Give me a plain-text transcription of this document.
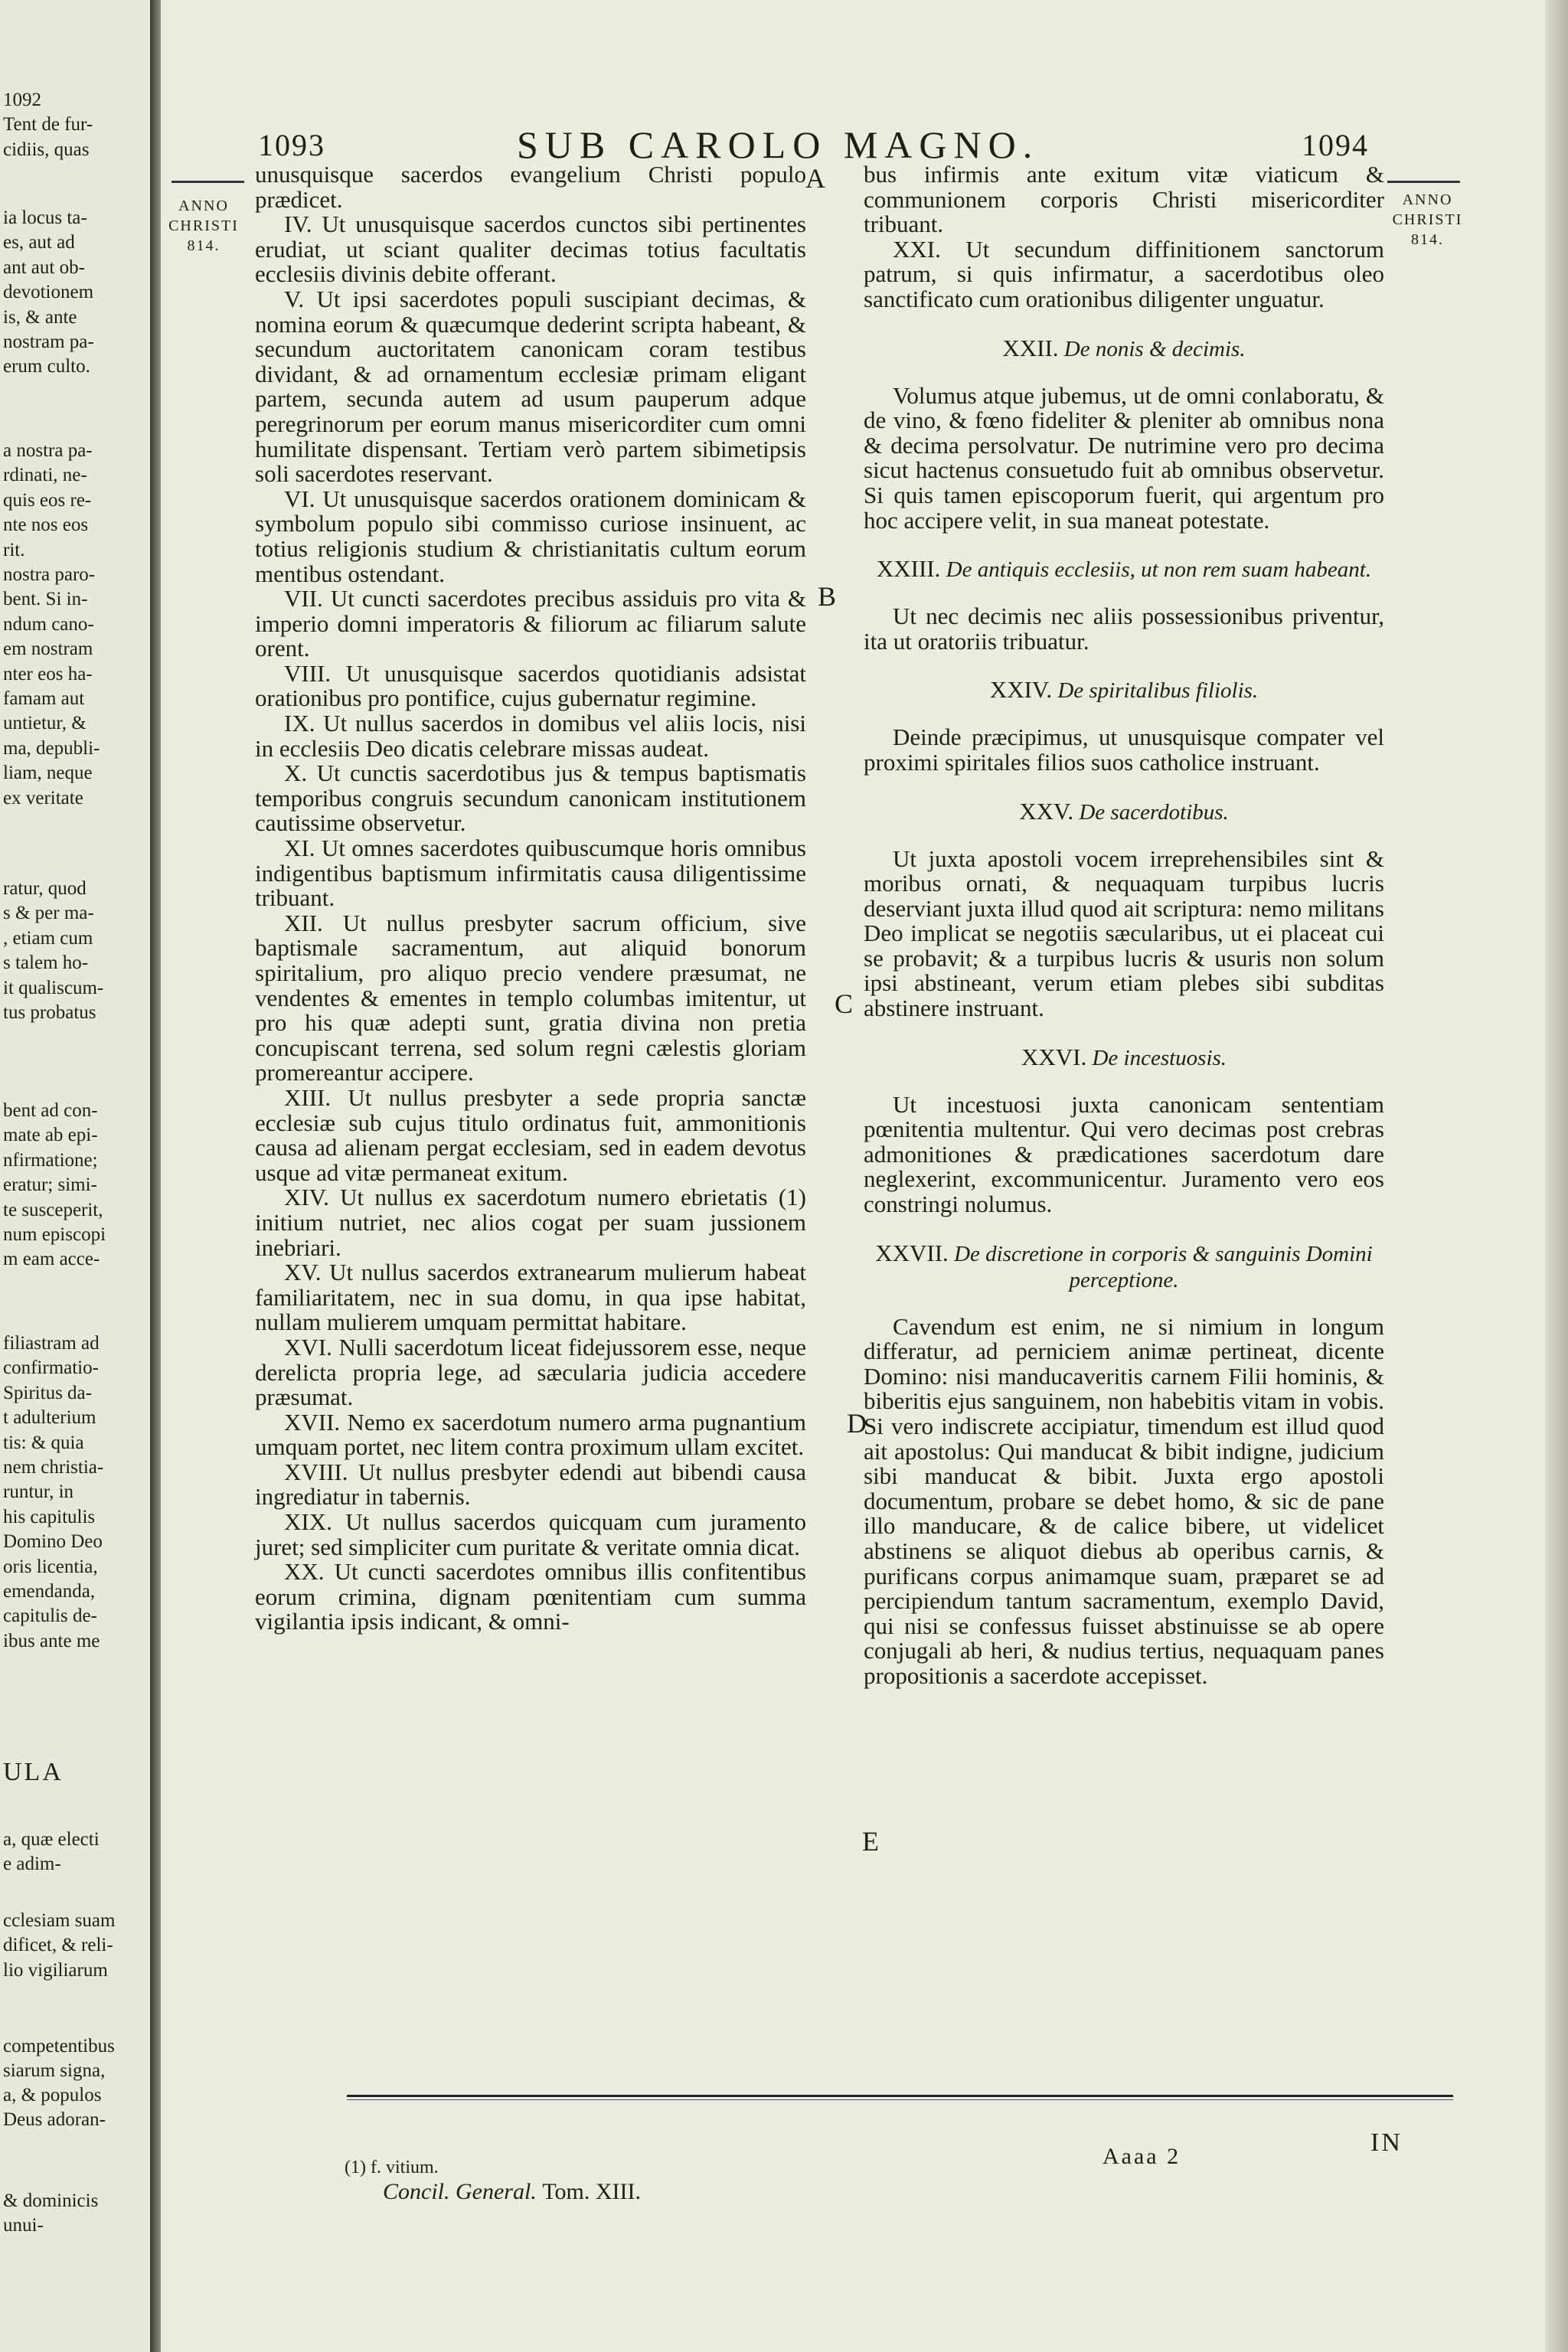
1092
Tent de fur-
cidiis, quas
ia locus ta-
es, aut ad
ant aut ob-
devotionem
is, & ante
nostram pa-
erum culto.
a nostra pa-
rdinati, ne-
quis eos re-
nte nos eos
rit.
nostra paro-
bent. Si in-
ndum cano-
em nostram
nter eos ha-
famam aut
untietur, &
ma, depubli-
liam, neque
ex veritate
ratur, quod
s & per ma-
, etiam cum
s talem ho-
it qualiscum-
tus probatus
bent ad con-
mate ab epi-
nfirmatione;
eratur; simi-
te susceperit,
num episcopi
m eam acce-
filiastram ad
confirmatio-
Spiritus da-
t adulterium
tis: & quia
nem christia-
runtur, in
his capitulis
Domino Deo
oris licentia,
emendanda,
capitulis de-
ibus ante me
ULA
a, quæ electi
e adim-
cclesiam suam
dificet, & reli-
lio vigiliarum
competentibus
siarum signa,
a, & populos
Deus adoran-
& dominicis
unui-
1093	SUB CAROLO MAGNO.	1094
ANNO
CHRISTI
814.
ANNO
CHRISTI
814.

unusquisque sacerdos evangelium Christi populo prædicet.

IV. Ut unusquisque sacerdos cunctos sibi pertinentes erudiat, ut sciant qualiter decimas totius facultatis ecclesiis divinis debite offerant.

V. Ut ipsi sacerdotes populi suscipiant decimas, & nomina eorum & quæcumque dederint scripta habeant, & secundum auctoritatem canonicam coram testibus dividant, & ad ornamentum ecclesiæ primam eligant partem, secunda autem ad usum pauperum adque peregrinorum per eorum manus misericorditer cum omni humilitate dispensant. Tertiam verò partem sibimetipsis soli sacerdotes reservant.

VI. Ut unusquisque sacerdos orationem dominicam & symbolum populo sibi commisso curiose insinuent, ac totius religionis studium & christianitatis cultum eorum mentibus ostendant.

VII. Ut cuncti sacerdotes precibus assiduis pro vita & imperio domni imperatoris & filiorum ac filiarum salute orent.

VIII. Ut unusquisque sacerdos quotidianis adsistat orationibus pro pontifice, cujus gubernatur regimine.

IX. Ut nullus sacerdos in domibus vel aliis locis, nisi in ecclesiis Deo dicatis celebrare missas audeat.

X. Ut cunctis sacerdotibus jus & tempus baptismatis temporibus congruis secundum canonicam institutionem cautissime observetur.

XI. Ut omnes sacerdotes quibuscumque horis omnibus indigentibus baptismum infirmitatis causa diligentissime tribuant.

XII. Ut nullus presbyter sacrum officium, sive baptismale sacramentum, aut aliquid bonorum spiritalium, pro aliquo precio vendere præsumat, ne vendentes & ementes in templo columbas imitentur, ut pro his quæ adepti sunt, gratia divina non pretia concupiscant terrena, sed solum regni cælestis gloriam promereantur accipere.

XIII. Ut nullus presbyter a sede propria sanctæ ecclesiæ sub cujus titulo ordinatus fuit, ammonitionis causa ad alienam pergat ecclesiam, sed in eadem devotus usque ad vitæ permaneat exitum.

XIV. Ut nullus ex sacerdotum numero ebrietatis (1) initium nutriet, nec alios cogat per suam jussionem inebriari.

XV. Ut nullus sacerdos extranearum mulierum habeat familiaritatem, nec in sua domu, in qua ipse habitat, nullam mulierem umquam permittat habitare.

XVI. Nulli sacerdotum liceat fidejussorem esse, neque derelicta propria lege, ad sæcularia judicia accedere præsumat.

XVII. Nemo ex sacerdotum numero arma pugnantium umquam portet, nec litem contra proximum ullam excitet.

XVIII. Ut nullus presbyter edendi aut bibendi causa ingrediatur in tabernis.

XIX. Ut nullus sacerdos quicquam cum juramento juret; sed simpliciter cum puritate & veritate omnia dicat.

XX. Ut cuncti sacerdotes omnibus illis confitentibus eorum crimina, dignam pœnitentiam cum summa vigilantia ipsis indicant, & omni-

A
B
C
D
E

bus infirmis ante exitum vitæ viaticum & communionem corporis Christi misericorditer tribuant.

XXI. Ut secundum diffinitionem sanctorum patrum, si quis infirmatur, a sacerdotibus oleo sanctificato cum orationibus diligenter unguatur.

XXII. De nonis & decimis.

Volumus atque jubemus, ut de omni conlaboratu, & de vino, & fœno fideliter & pleniter ab omnibus nona & decima persolvatur. De nutrimine vero pro decima sicut hactenus consuetudo fuit ab omnibus observetur. Si quis tamen episcoporum fuerit, qui argentum pro hoc accipere velit, in sua maneat potestate.

XXIII. De antiquis ecclesiis, ut non rem suam habeant.

Ut nec decimis nec aliis possessionibus priventur, ita ut oratoriis tribuatur.

XXIV. De spiritalibus filiolis.

Deinde præcipimus, ut unusquisque compater vel proximi spiritales filios suos catholice instruant.

XXV. De sacerdotibus.

Ut juxta apostoli vocem irreprehensibiles sint & moribus ornati, & nequaquam turpibus lucris deserviant juxta illud quod ait scriptura: nemo militans Deo implicat se negotiis sæcularibus, ut ei placeat cui se probavit; & a turpibus lucris & usuris non solum ipsi abstineant, verum etiam plebes sibi subditas abstinere instruant.

XXVI. De incestuosis.

Ut incestuosi juxta canonicam sententiam pœnitentia multentur. Qui vero decimas post crebras admonitiones & prædicationes sacerdotum dare neglexerint, excommunicentur. Juramento vero eos constringi nolumus.

XXVII. De discretione in corporis & sanguinis Domini perceptione.

Cavendum est enim, ne si nimium in longum differatur, ad perniciem animæ pertineat, dicente Domino: nisi manducaveritis carnem Filii hominis, & biberitis ejus sanguinem, non habebitis vitam in vobis. Si vero indiscrete accipiatur, timendum est illud quod ait apostolus: Qui manducat & bibit indigne, judicium sibi manducat & bibit. Juxta ergo apostoli documentum, probare se debet homo, & sic de pane illo manducare, & de calice bibere, ut videlicet abstinens se aliquot diebus ab operibus carnis, & purificans corpus animamque suam, præparet se ad percipiendum tantum sacramentum, exemplo David, qui nisi se confessus fuisset abstinuisse se ab opere conjugali ab heri, & nudius tertius, nequaquam panes propositionis a sacerdote accepisset.

(1) f. vitium.
Concil. General. Tom. XIII.
Aaaa 2	IN
